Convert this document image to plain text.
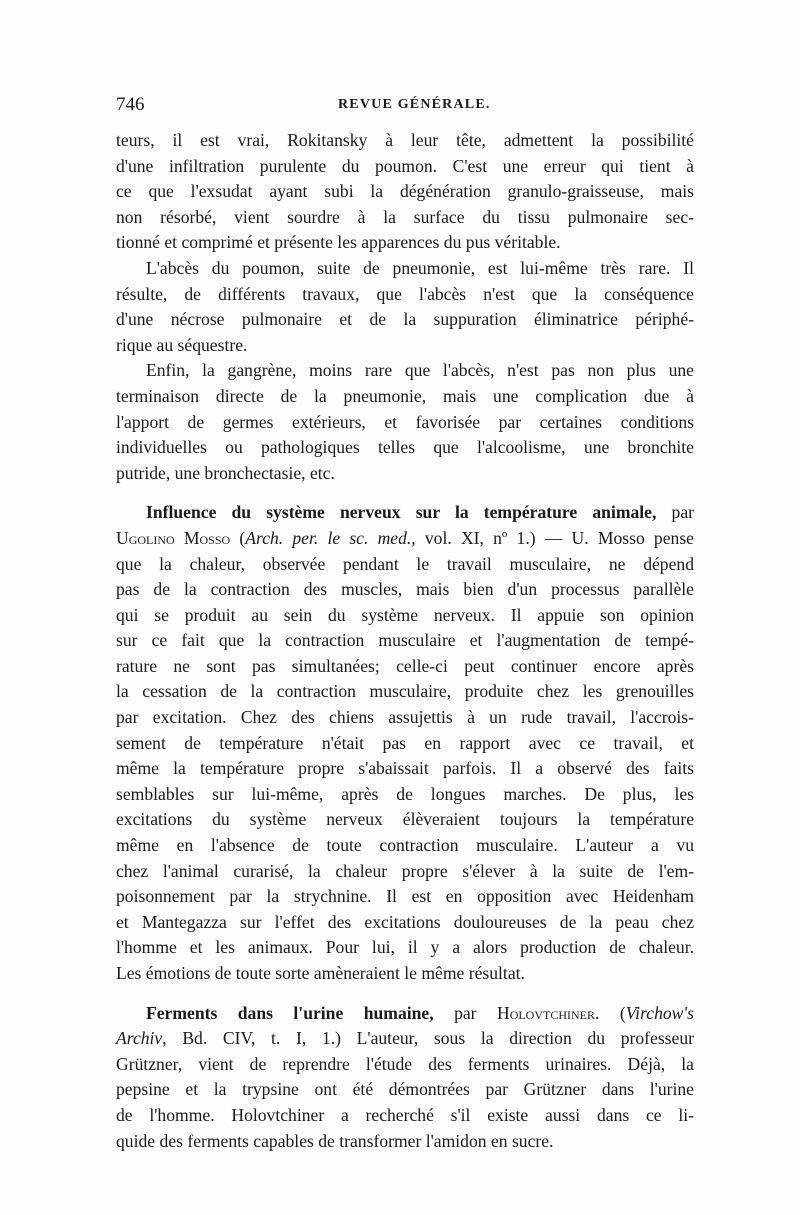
746	REVUE GÉNÉRALE.
teurs, il est vrai, Rokitansky à leur tête, admettent la possibilité
d'une infiltration purulente du poumon. C'est une erreur qui tient à
ce que l'exsudat ayant subi la dégénération granulo-graisseuse, mais
non résorbé, vient sourdre à la surface du tissu pulmonaire sec-
tionné et comprimé et présente les apparences du pus véritable.
L'abcès du poumon, suite de pneumonie, est lui-même très rare. Il
résulte, de différents travaux, que l'abcès n'est que la conséquence
d'une nécrose pulmonaire et de la suppuration éliminatrice périphé-
rique au séquestre.
Enfin, la gangrène, moins rare que l'abcès, n'est pas non plus une
terminaison directe de la pneumonie, mais une complication due à
l'apport de germes extérieurs, et favorisée par certaines conditions
individuelles ou pathologiques telles que l'alcoolisme, une bronchite
putride, une bronchectasie, etc.
Influence du système nerveux sur la température animale, par
Ugolino Mosso (Arch. per. le sc. med., vol. XI, nº 1.) — U. Mosso pense
que la chaleur, observée pendant le travail musculaire, ne dépend
pas de la contraction des muscles, mais bien d'un processus parallèle
qui se produit au sein du système nerveux. Il appuie son opinion
sur ce fait que la contraction musculaire et l'augmentation de tempé-
rature ne sont pas simultanées; celle-ci peut continuer encore après
la cessation de la contraction musculaire, produite chez les grenouilles
par excitation. Chez des chiens assujettis à un rude travail, l'accrois-
sement de température n'était pas en rapport avec ce travail, et
même la température propre s'abaissait parfois. Il a observé des faits
semblables sur lui-même, après de longues marches. De plus, les
excitations du système nerveux élèveraient toujours la température
même en l'absence de toute contraction musculaire. L'auteur a vu
chez l'animal curarisé, la chaleur propre s'élever à la suite de l'em-
poisonnement par la strychnine. Il est en opposition avec Heidenham
et Mantegazza sur l'effet des excitations douloureuses de la peau chez
l'homme et les animaux. Pour lui, il y a alors production de chaleur.
Les émotions de toute sorte amèneraient le même résultat.
Ferments dans l'urine humaine, par Holovtchiner. (Virchow's
Archiv, Bd. CIV, t. I, 1.) L'auteur, sous la direction du professeur
Grützner, vient de reprendre l'étude des ferments urinaires. Déjà, la
pepsine et la trypsine ont été démontrées par Grützner dans l'urine
de l'homme. Holovtchiner a recherché s'il existe aussi dans ce li-
quide des ferments capables de transformer l'amidon en sucre.
